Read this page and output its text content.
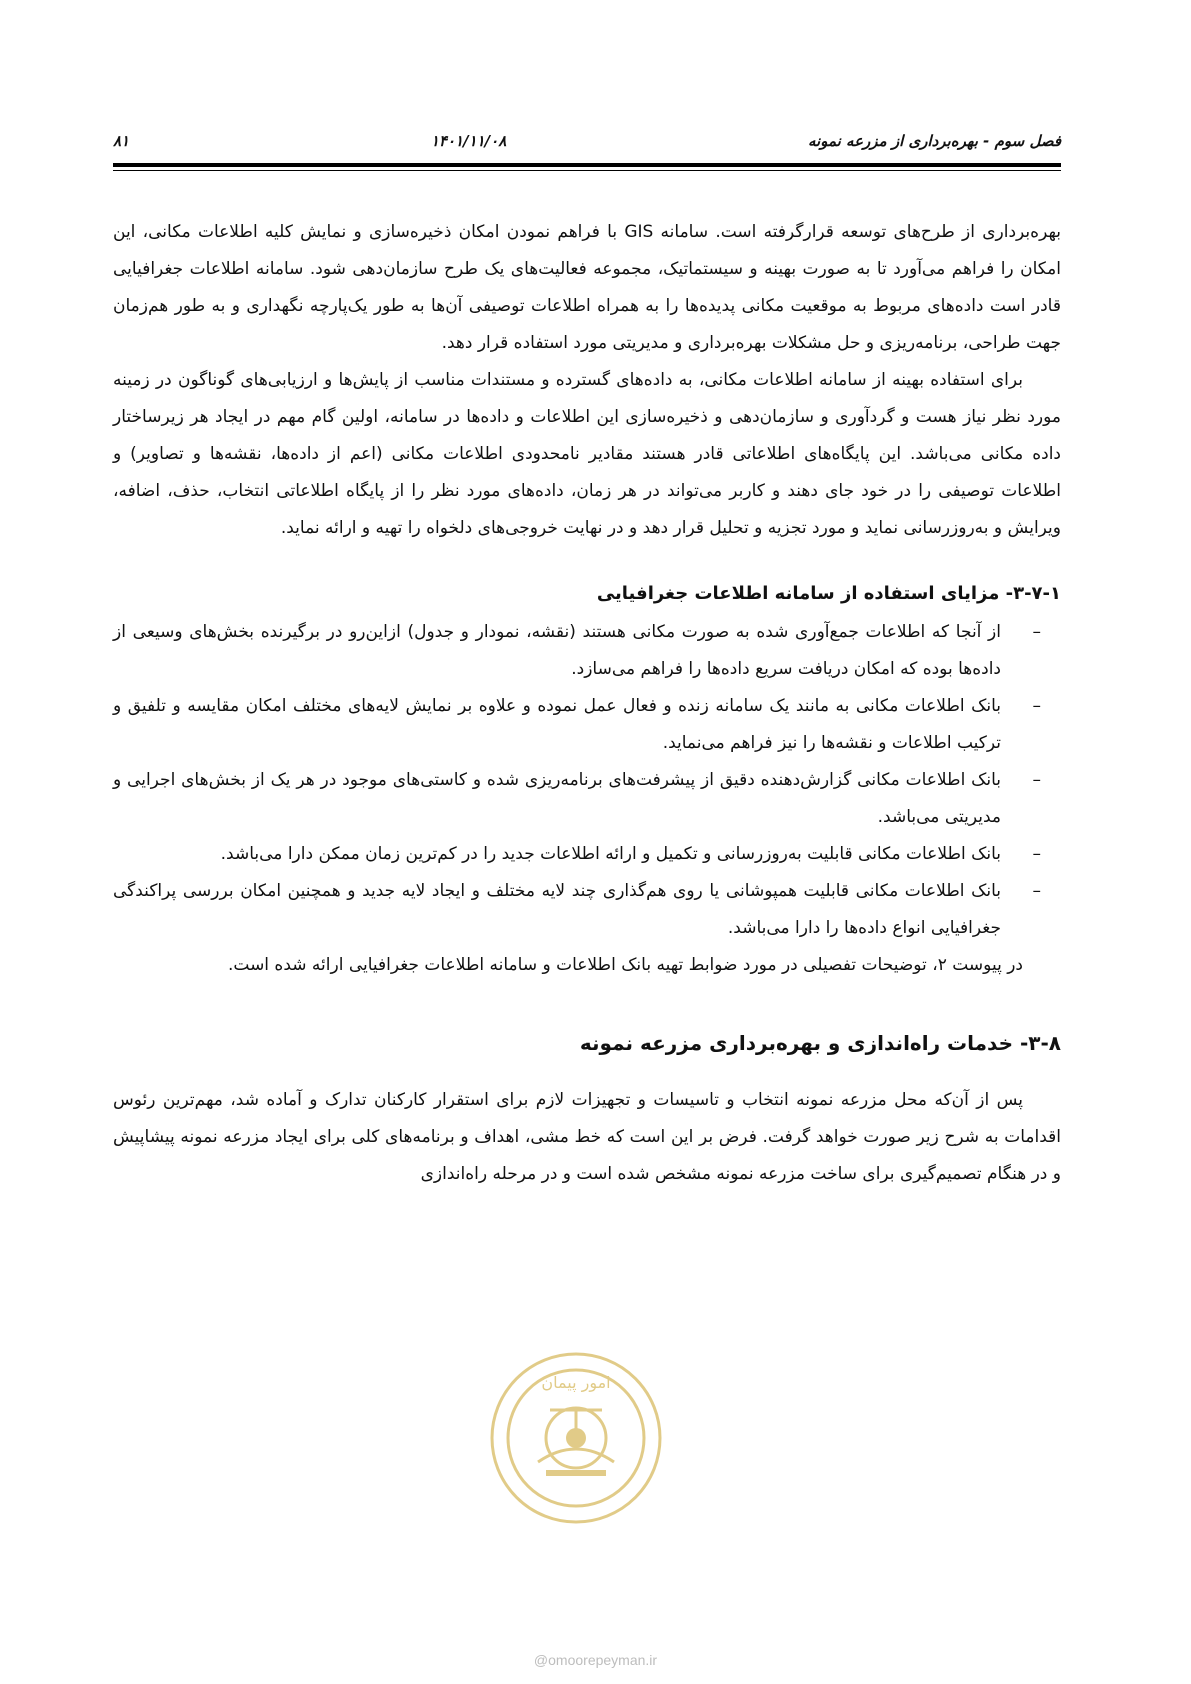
فصل سوم - بهره‌برداری از مزرعه نمونه
۱۴۰۱/۱۱/۰۸
۸۱

بهره‌برداری از طرح‌های توسعه قرارگرفته است. سامانه GIS با فراهم نمودن امکان ذخیره‌سازی و نمایش کلیه اطلاعات مکانی، این امکان را فراهم می‌آورد تا به صورت بهینه و سیستماتیک، مجموعه فعالیت‌های یک طرح سازمان‌دهی شود. سامانه اطلاعات جغرافیایی قادر است داده‌های مربوط به موقعیت مکانی پدیده‌ها را به همراه اطلاعات توصیفی آن‌ها به طور یک‌پارچه نگهداری و به طور هم‌زمان جهت طراحی، برنامه‌ریزی و حل مشکلات بهره‌برداری و مدیریتی مورد استفاده قرار دهد.

برای استفاده بهینه از سامانه اطلاعات مکانی، به داده‌های گسترده و مستندات مناسب از پایش‌ها و ارزیابی‌های گوناگون در زمینه مورد نظر نیاز هست و گردآوری و سازمان‌دهی و ذخیره‌سازی این اطلاعات و داده‌ها در سامانه، اولین گام مهم در ایجاد هر زیرساختار داده مکانی می‌باشد. این پایگاه‌های اطلاعاتی قادر هستند مقادیر نامحدودی اطلاعات مکانی (اعم از داده‌ها، نقشه‌ها و تصاویر) و اطلاعات توصیفی را در خود جای دهند و کاربر می‌تواند در هر زمان، داده‌های مورد نظر را از پایگاه اطلاعاتی انتخاب، حذف، اضافه، ویرایش و به‌روزرسانی نماید و مورد تجزیه و تحلیل قرار دهد و در نهایت خروجی‌های دلخواه را تهیه و ارائه نماید.

۳-۷-۱- مزایای استفاده از سامانه اطلاعات جغرافیایی

–
از آنجا که اطلاعات جمع‌آوری شده به صورت مکانی هستند (نقشه، نمودار و جدول) ازاین‌رو در برگیرنده بخش‌های وسیعی از داده‌ها بوده که امکان دریافت سریع داده‌ها را فراهم می‌سازد.
–
بانک اطلاعات مکانی به مانند یک سامانه زنده و فعال عمل نموده و علاوه بر نمایش لایه‌های مختلف امکان مقایسه و تلفیق و ترکیب اطلاعات و نقشه‌ها را نیز فراهم می‌نماید.
–
بانک اطلاعات مکانی گزارش‌دهنده دقیق از پیشرفت‌های برنامه‌ریزی شده و کاستی‌های موجود در هر یک از بخش‌های اجرایی و مدیریتی می‌باشد.
–
بانک اطلاعات مکانی قابلیت به‌روزرسانی و تکمیل و ارائه اطلاعات جدید را در کم‌ترین زمان ممکن دارا می‌باشد.
–
بانک اطلاعات مکانی قابلیت همپوشانی یا روی هم‌گذاری چند لایه مختلف و ایجاد لایه جدید و همچنین امکان بررسی پراکندگی جغرافیایی انواع داده‌ها را دارا می‌باشد.

در پیوست ۲، توضیحات تفصیلی در مورد ضوابط تهیه بانک اطلاعات و سامانه اطلاعات جغرافیایی ارائه شده است.

۳-۸- خدمات راه‌اندازی و بهره‌برداری مزرعه نمونه

پس از آن‌که محل مزرعه نمونه انتخاب و تاسیسات و تجهیزات لازم برای استقرار کارکنان تدارک و آماده شد، مهم‌ترین رئوس اقدامات به شرح زیر صورت خواهد گرفت. فرض بر این است که خط مشی، اهداف و برنامه‌های کلی برای ایجاد مزرعه نمونه پیشاپیش و در هنگام تصمیم‌گیری برای ساخت مزرعه نمونه مشخص شده است و در مرحله راه‌اندازی

امور پیمان
@omoorepeyman.ir
